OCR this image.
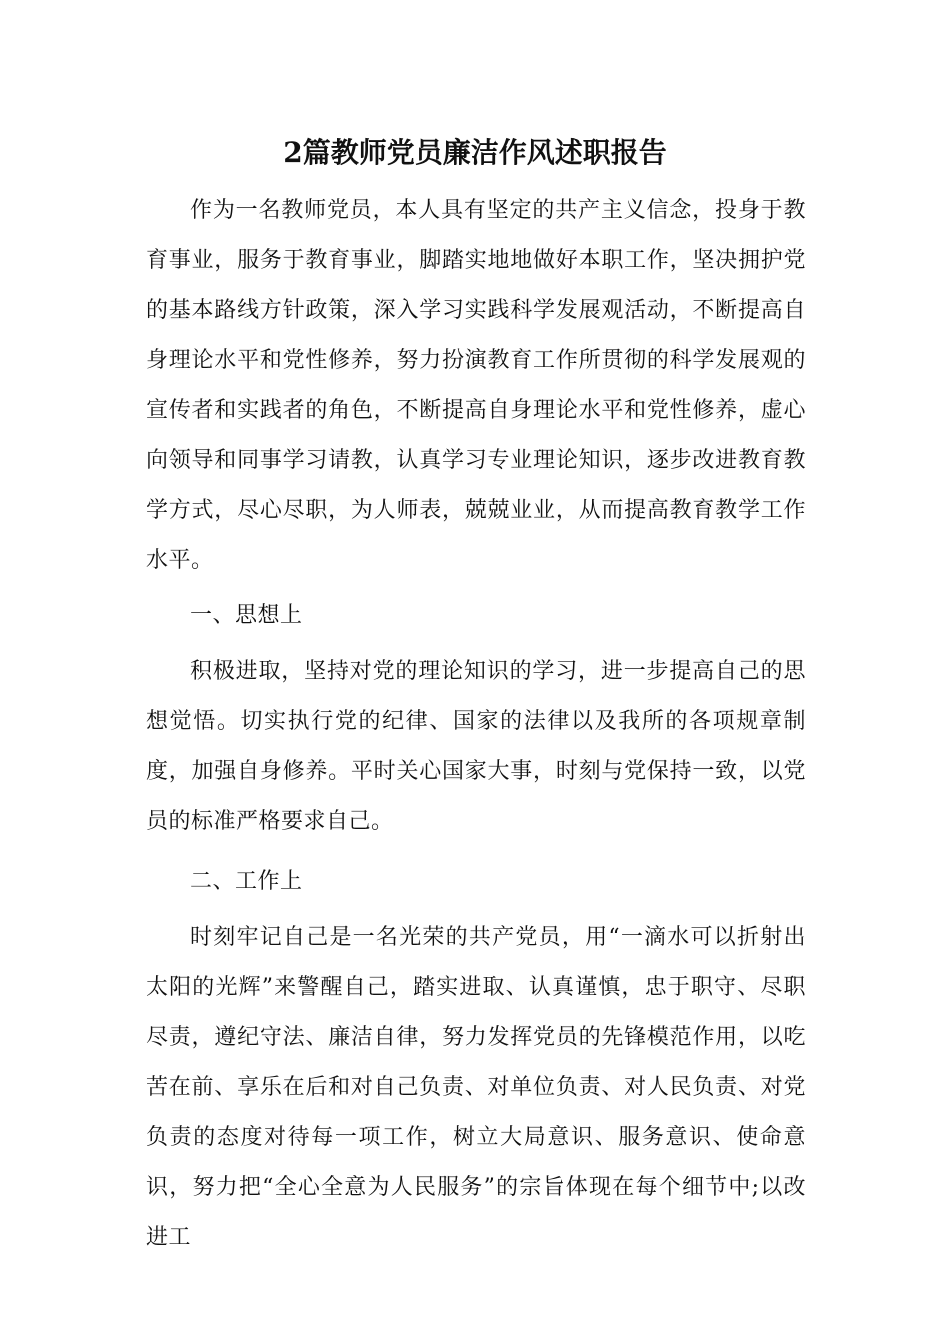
2篇教师党员廉洁作风述职报告

作为一名教师党员，本人具有坚定的共产主义信念，投身于教育事业，服务于教育事业，脚踏实地地做好本职工作，坚决拥护党的基本路线方针政策，深入学习实践科学发展观活动，不断提高自身理论水平和党性修养，努力扮演教育工作所贯彻的科学发展观的宣传者和实践者的角色，不断提高自身理论水平和党性修养，虚心向领导和同事学习请教，认真学习专业理论知识，逐步改进教育教学方式，尽心尽职，为人师表，兢兢业业，从而提高教育教学工作水平。

一、思想上

积极进取，坚持对党的理论知识的学习，进一步提高自己的思想觉悟。切实执行党的纪律、国家的法律以及我所的各项规章制度，加强自身修养。平时关心国家大事，时刻与党保持一致，以党员的标准严格要求自己。

二、工作上

时刻牢记自己是一名光荣的共产党员，用“一滴水可以折射出太阳的光辉”来警醒自己，踏实进取、认真谨慎，忠于职守、尽职尽责，遵纪守法、廉洁自律，努力发挥党员的先锋模范作用，以吃苦在前、享乐在后和对自己负责、对单位负责、对人民负责、对党负责的态度对待每一项工作，树立大局意识、服务意识、使命意识，努力把“全心全意为人民服务”的宗旨体现在每个细节中;以改进工
